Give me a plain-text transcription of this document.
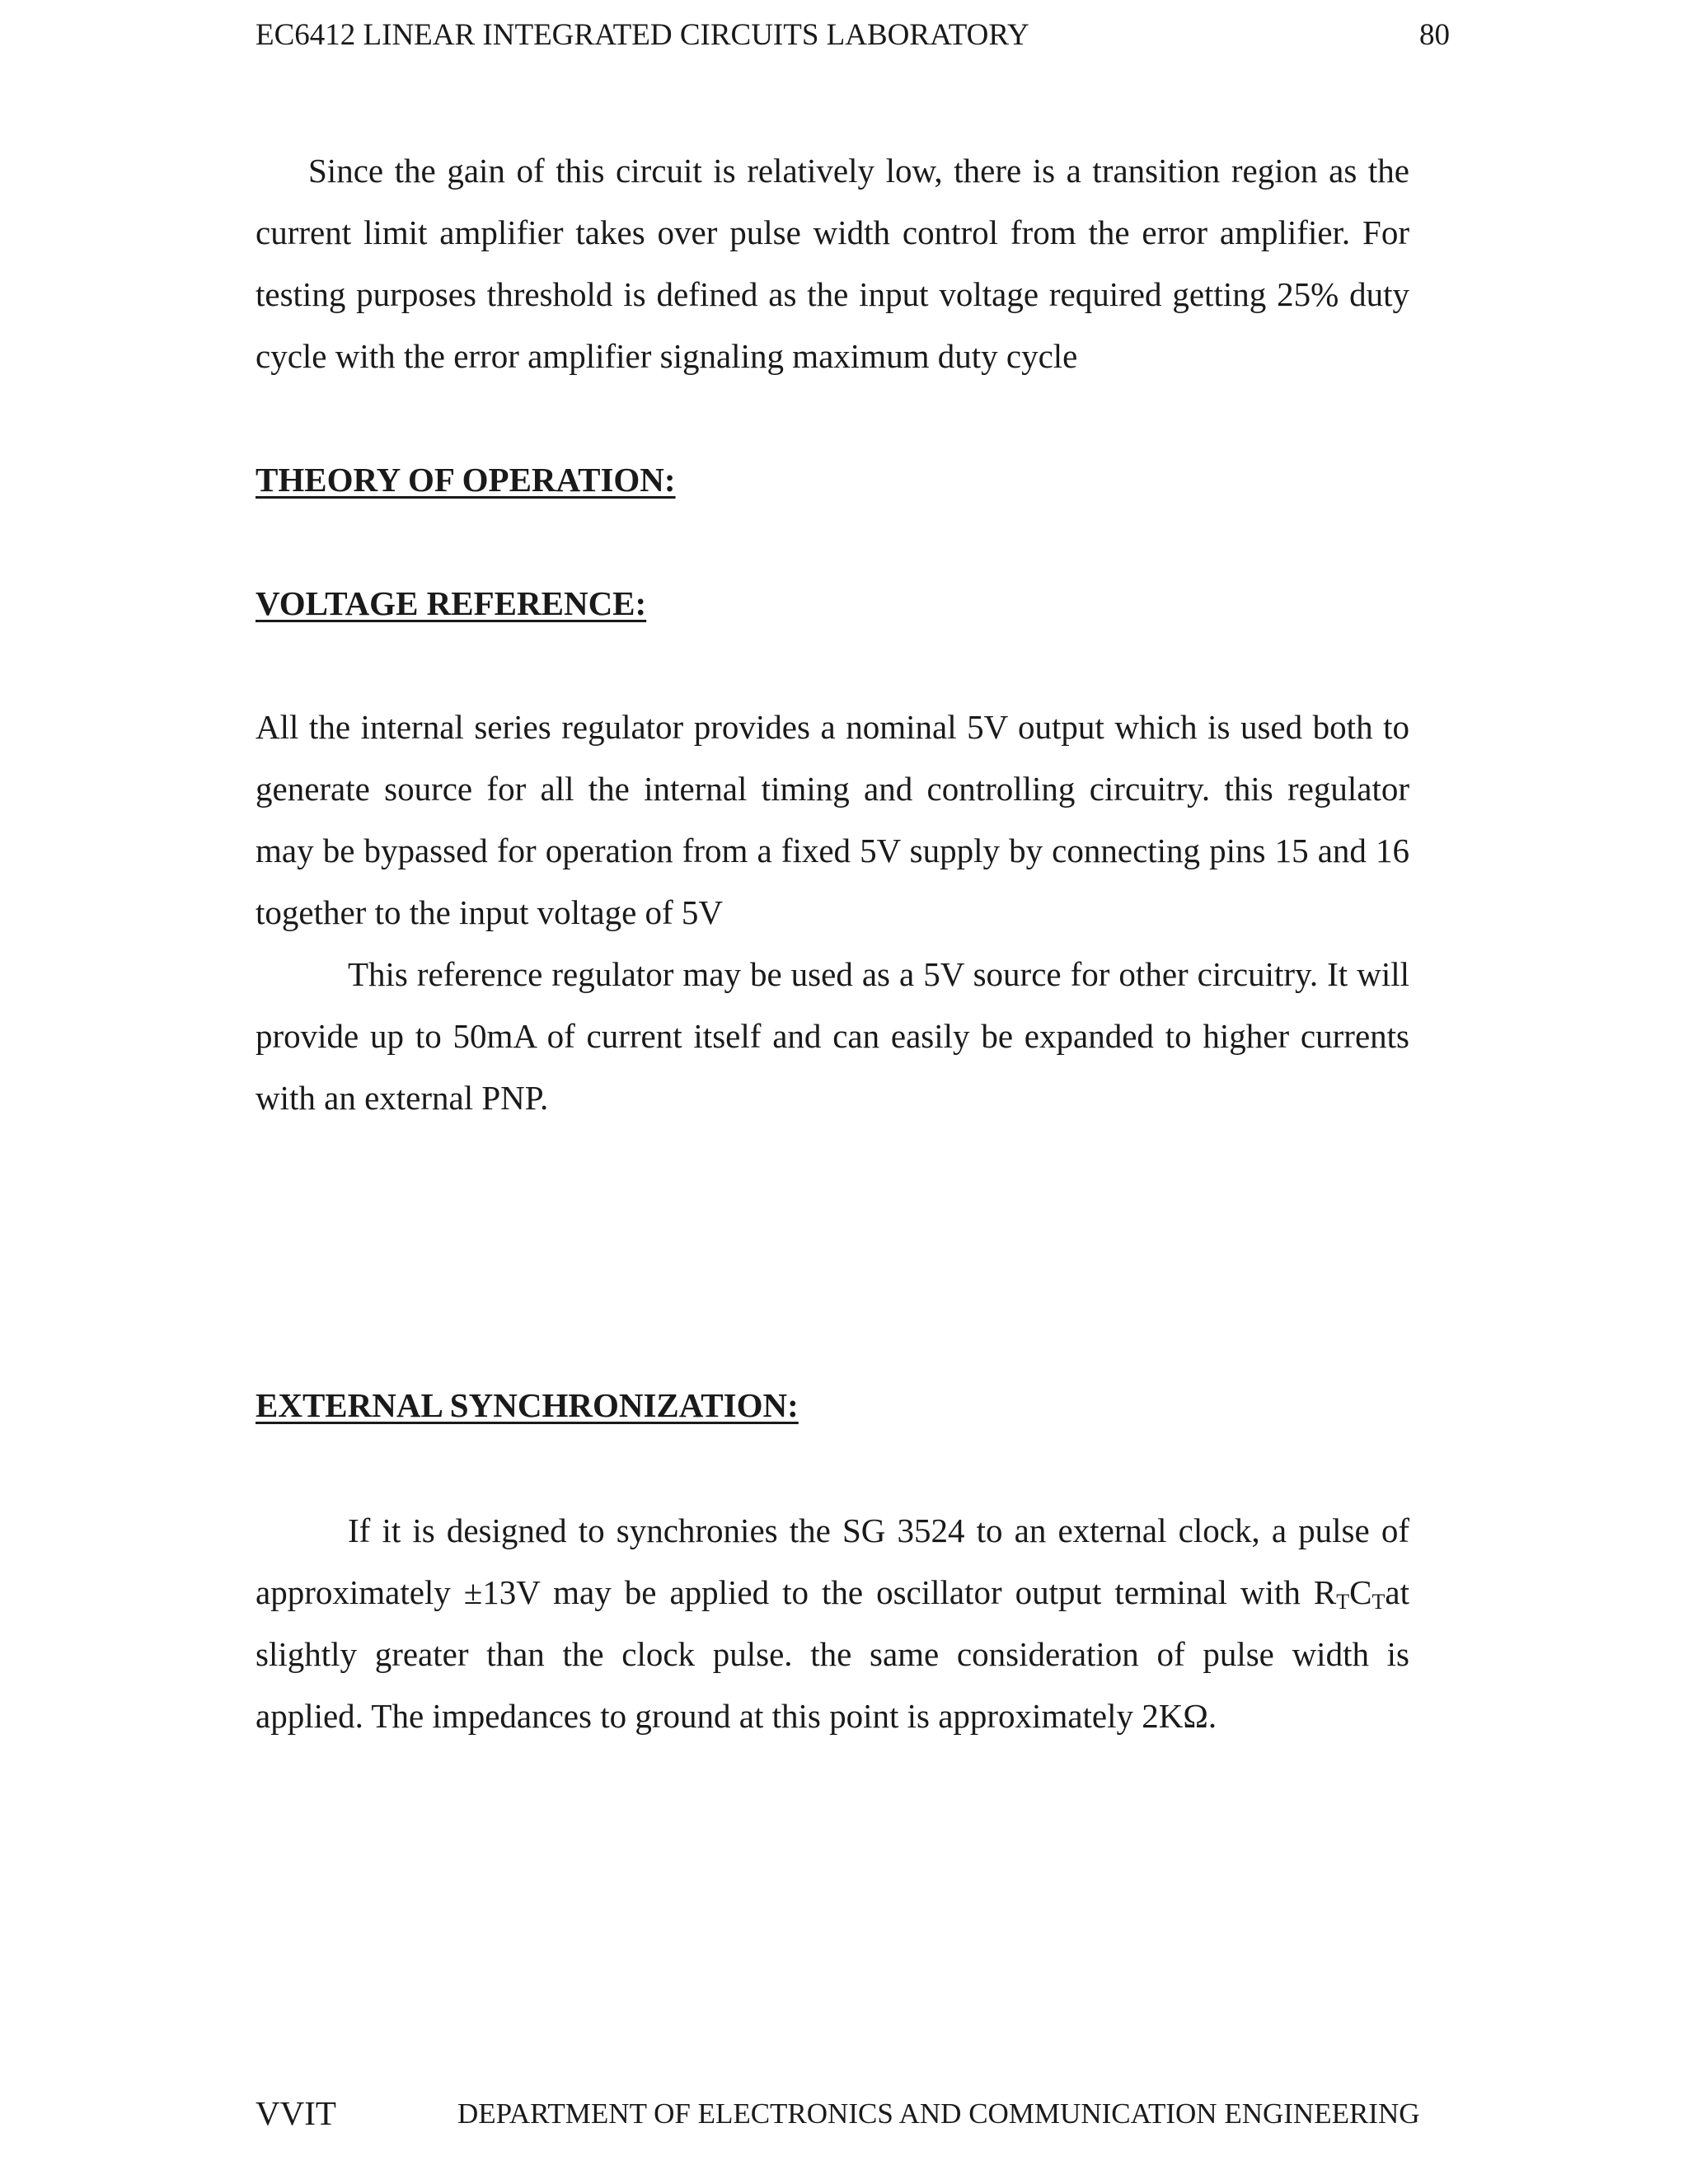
EC6412 LINEAR INTEGRATED CIRCUITS LABORATORY	80

Since the gain of this circuit is relatively low, there is a transition region as the current limit amplifier takes over pulse width control from the error amplifier. For testing purposes threshold is defined as the input voltage required getting 25% duty cycle with the error amplifier signaling maximum duty cycle

THEORY OF OPERATION:
VOLTAGE REFERENCE:

All the internal series regulator provides a nominal 5V output which is used both to generate source for all the internal timing and controlling circuitry. this regulator may be bypassed for operation from a fixed 5V supply by connecting pins 15 and 16 together to the input voltage of 5V

This reference regulator may be used as a 5V source for other circuitry. It will provide up to 50mA of current itself and can easily be expanded to higher currents with an external PNP.

EXTERNAL SYNCHRONIZATION:

If it is designed to synchronies the SG 3524 to an external clock, a pulse of approximately ±13V may be applied to the oscillator output terminal with $R_TC_Tat$ slightly greater than the clock pulse. the same consideration of pulse width is applied. The impedances to ground at this point is approximately 2KΩ.

VVIT	DEPARTMENT OF ELECTRONICS AND COMMUNICATION ENGINEERING
